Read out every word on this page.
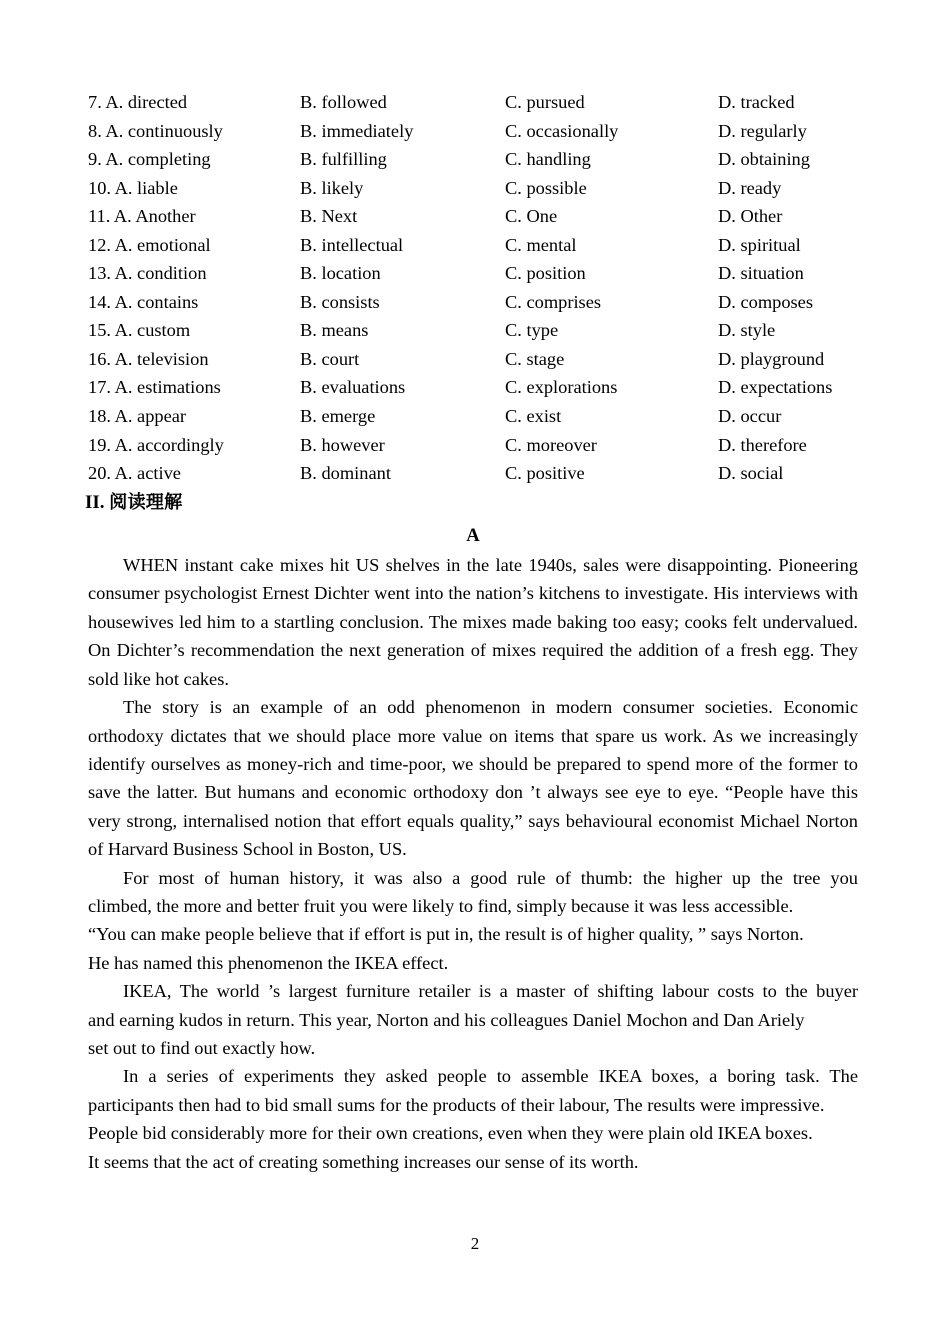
7. A. directed	B. followed	C. pursued	D. tracked
8. A. continuously	B. immediately	C. occasionally	D. regularly
9. A. completing	B. fulfilling	C. handling	D. obtaining
10. A. liable	B. likely	C. possible	D. ready
11. A. Another	B. Next	C. One	D. Other
12. A. emotional	B. intellectual	C. mental	D. spiritual
13. A. condition	B. location	C. position	D. situation
14. A. contains	B. consists	C. comprises	D. composes
15. A. custom	B. means	C. type	D. style
16. A. television	B. court	C. stage	D. playground
17. A. estimations	B. evaluations	C. explorations	D. expectations
18. A. appear	B. emerge	C. exist	D. occur
19. A. accordingly	B. however	C. moreover	D. therefore
20. A. active	B. dominant	C. positive	D. social
II. 阅读理解
A

WHEN instant cake mixes hit US shelves in the late 1940s, sales were disappointing. Pioneering consumer psychologist Ernest Dichter went into the nation’s kitchens to investigate. His interviews with housewives led him to a startling conclusion. The mixes made baking too easy; cooks felt undervalued. On Dichter’s recommendation the next generation of mixes required the addition of a fresh egg. They sold like hot cakes.

The story is an example of an odd phenomenon in modern consumer societies. Economic orthodoxy dictates that we should place more value on items that spare us work. As we increasingly identify ourselves as money-rich and time-poor, we should be prepared to spend more of the former to save the latter. But humans and economic orthodoxy don ’t always see eye to eye. “People have this very strong, internalised notion that effort equals quality,” says behavioural economist Michael Norton of Harvard Business School in Boston, US.

For most of human history, it was also a good rule of thumb: the higher up the tree you
climbed, the more and better fruit you were likely to find, simply because it was less accessible.
“You can make people believe that if effort is put in, the result is of higher quality, ” says Norton.
He has named this phenomenon the IKEA effect.

IKEA, The world ’s largest furniture retailer is a master of shifting labour costs to the buyer
and earning kudos in return. This year, Norton and his colleagues Daniel Mochon and Dan Ariely
set out to find out exactly how.

In a series of experiments they asked people to assemble IKEA boxes, a boring task. The
participants then had to bid small sums for the products of their labour, The results were impressive.
People bid considerably more for their own creations, even when they were plain old IKEA boxes.
It seems that the act of creating something increases our sense of its worth.

2
